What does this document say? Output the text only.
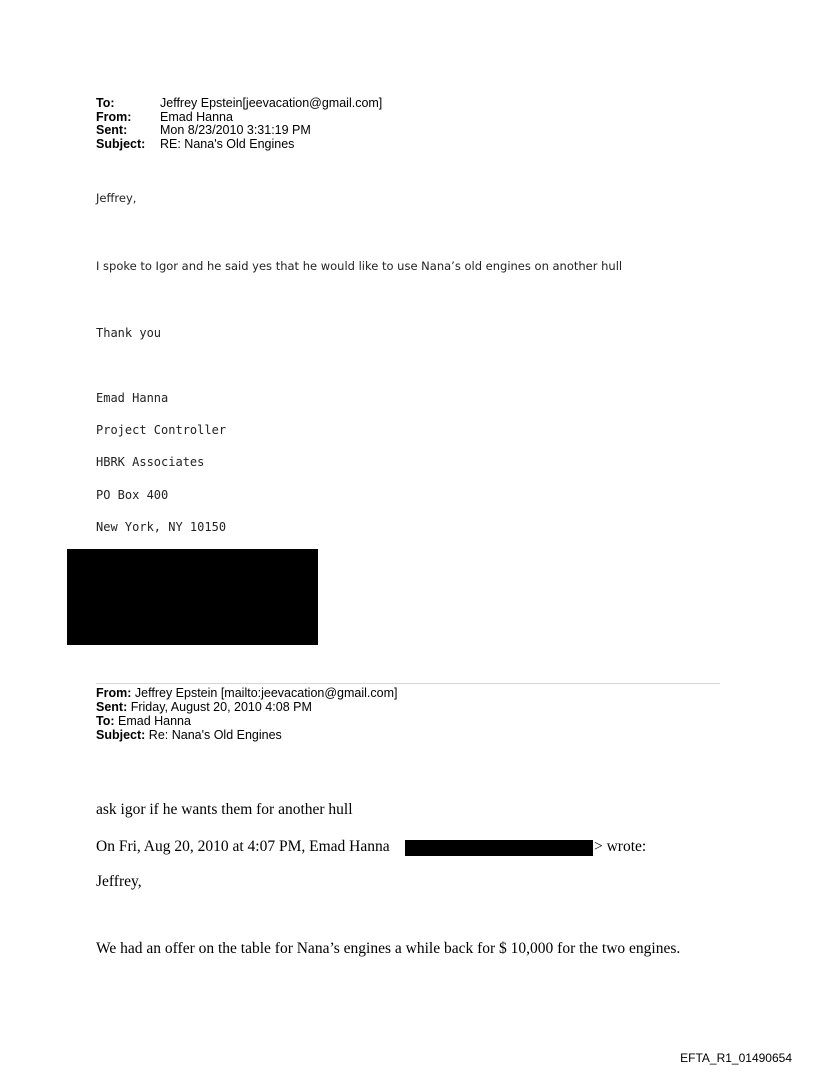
To:	Jeffrey Epstein[jeevacation@gmail.com]
From:	Emad Hanna
Sent:	Mon 8/23/2010 3:31:19 PM
Subject:	RE: Nana's Old Engines
Jeffrey,
I spoke to Igor and he said yes that he would like to use Nana’s old engines on another hull
Thank you
Emad Hanna
Project Controller
HBRK Associates
PO Box 400
New York, NY 10150
From: Jeffrey Epstein [mailto:jeevacation@gmail.com]
Sent: Friday, August 20, 2010 4:08 PM
To: Emad Hanna
Subject: Re: Nana's Old Engines
ask igor if he wants them for another hull
On Fri, Aug 20, 2010 at 4:07 PM, Emad Hanna	> wrote:
Jeffrey,
We had an offer on the table for Nana’s engines a while back for $ 10,000 for the two engines.
EFTA_R1_01490654
